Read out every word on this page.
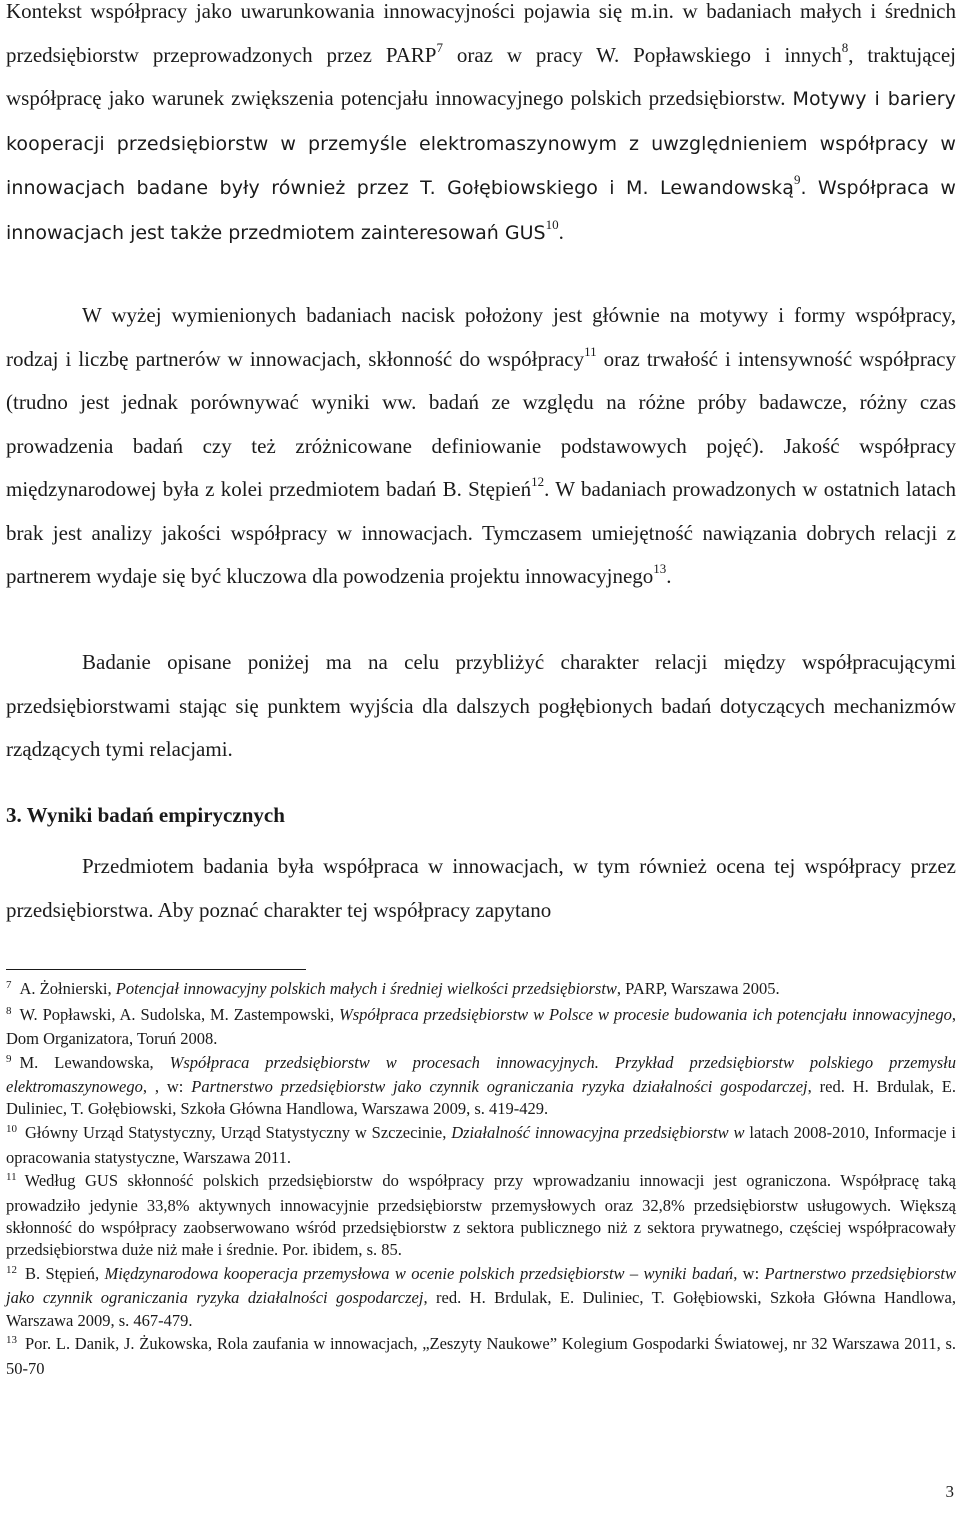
Kontekst współpracy jako uwarunkowania innowacyjności pojawia się m.in. w badaniach małych i średnich przedsiębiorstw przeprowadzonych przez PARP$^7$ oraz w pracy W. Popławskiego i innych$^8$, traktującej współpracę jako warunek zwiększenia potencjału innowacyjnego polskich przedsiębiorstw. Motywy i bariery kooperacji przedsiębiorstw w przemyśle elektromaszynowym z uwzględnieniem współpracy w innowacjach badane były również przez T. Gołębiowskiego i M. Lewandowską$^9$. Współpraca w innowacjach jest także przedmiotem zainteresowań GUS$^{10}$.

W wyżej wymienionych badaniach nacisk położony jest głównie na motywy i formy współpracy, rodzaj i liczbę partnerów w innowacjach, skłonność do współpracy$^{11}$ oraz trwałość i intensywność współpracy (trudno jest jednak porównywać wyniki ww. badań ze względu na różne próby badawcze, różny czas prowadzenia badań czy też zróżnicowane definiowanie podstawowych pojęć). Jakość współpracy międzynarodowej była z kolei przedmiotem badań B. Stępień$^{12}$. W badaniach prowadzonych w ostatnich latach brak jest analizy jakości współpracy w innowacjach. Tymczasem umiejętność nawiązania dobrych relacji z partnerem wydaje się być kluczowa dla powodzenia projektu innowacyjnego$^{13}$.

Badanie opisane poniżej ma na celu przybliżyć charakter relacji między współpracującymi przedsiębiorstwami stając się punktem wyjścia dla dalszych pogłębionych badań dotyczących mechanizmów rządzących tymi relacjami.

3. Wyniki badań empirycznych

Przedmiotem badania była współpraca w innowacjach, w tym również ocena tej współpracy przez przedsiębiorstwa. Aby poznać charakter tej współpracy zapytano

$^7$ A. Żołnierski, Potencjał innowacyjny polskich małych i średniej wielkości przedsiębiorstw, PARP, Warszawa 2005.

$^8$ W. Popławski, A. Sudolska, M. Zastempowski, Współpraca przedsiębiorstw w Polsce w procesie budowania ich potencjału innowacyjnego, Dom Organizatora, Toruń 2008.

$^9$ M. Lewandowska, Współpraca przedsiębiorstw w procesach innowacyjnych. Przykład przedsiębiorstw polskiego przemysłu elektromaszynowego, , w: Partnerstwo przedsiębiorstw jako czynnik ograniczania ryzyka działalności gospodarczej, red. H. Brdulak, E. Duliniec, T. Gołębiowski, Szkoła Główna Handlowa, Warszawa 2009, s. 419-429.

$^{10}$ Główny Urząd Statystyczny, Urząd Statystyczny w Szczecinie, Działalność innowacyjna przedsiębiorstw w latach 2008-2010, Informacje i opracowania statystyczne, Warszawa 2011.

$^{11}$ Według GUS skłonność polskich przedsiębiorstw do współpracy przy wprowadzaniu innowacji jest ograniczona. Współpracę taką prowadziło jedynie 33,8% aktywnych innowacyjnie przedsiębiorstw przemysłowych oraz 32,8% przedsiębiorstw usługowych. Większą skłonność do współpracy zaobserwowano wśród przedsiębiorstw z sektora publicznego niż z sektora prywatnego, częściej współpracowały przedsiębiorstwa duże niż małe i średnie. Por. ibidem, s. 85.

$^{12}$ B. Stępień, Międzynarodowa kooperacja przemysłowa w ocenie polskich przedsiębiorstw – wyniki badań, w: Partnerstwo przedsiębiorstw jako czynnik ograniczania ryzyka działalności gospodarczej, red. H. Brdulak, E. Duliniec, T. Gołębiowski, Szkoła Główna Handlowa, Warszawa 2009, s. 467-479.

$^{13}$ Por. L. Danik, J. Żukowska, Rola zaufania w innowacjach, „Zeszyty Naukowe” Kolegium Gospodarki Światowej, nr 32 Warszawa 2011, s. 50-70

3
